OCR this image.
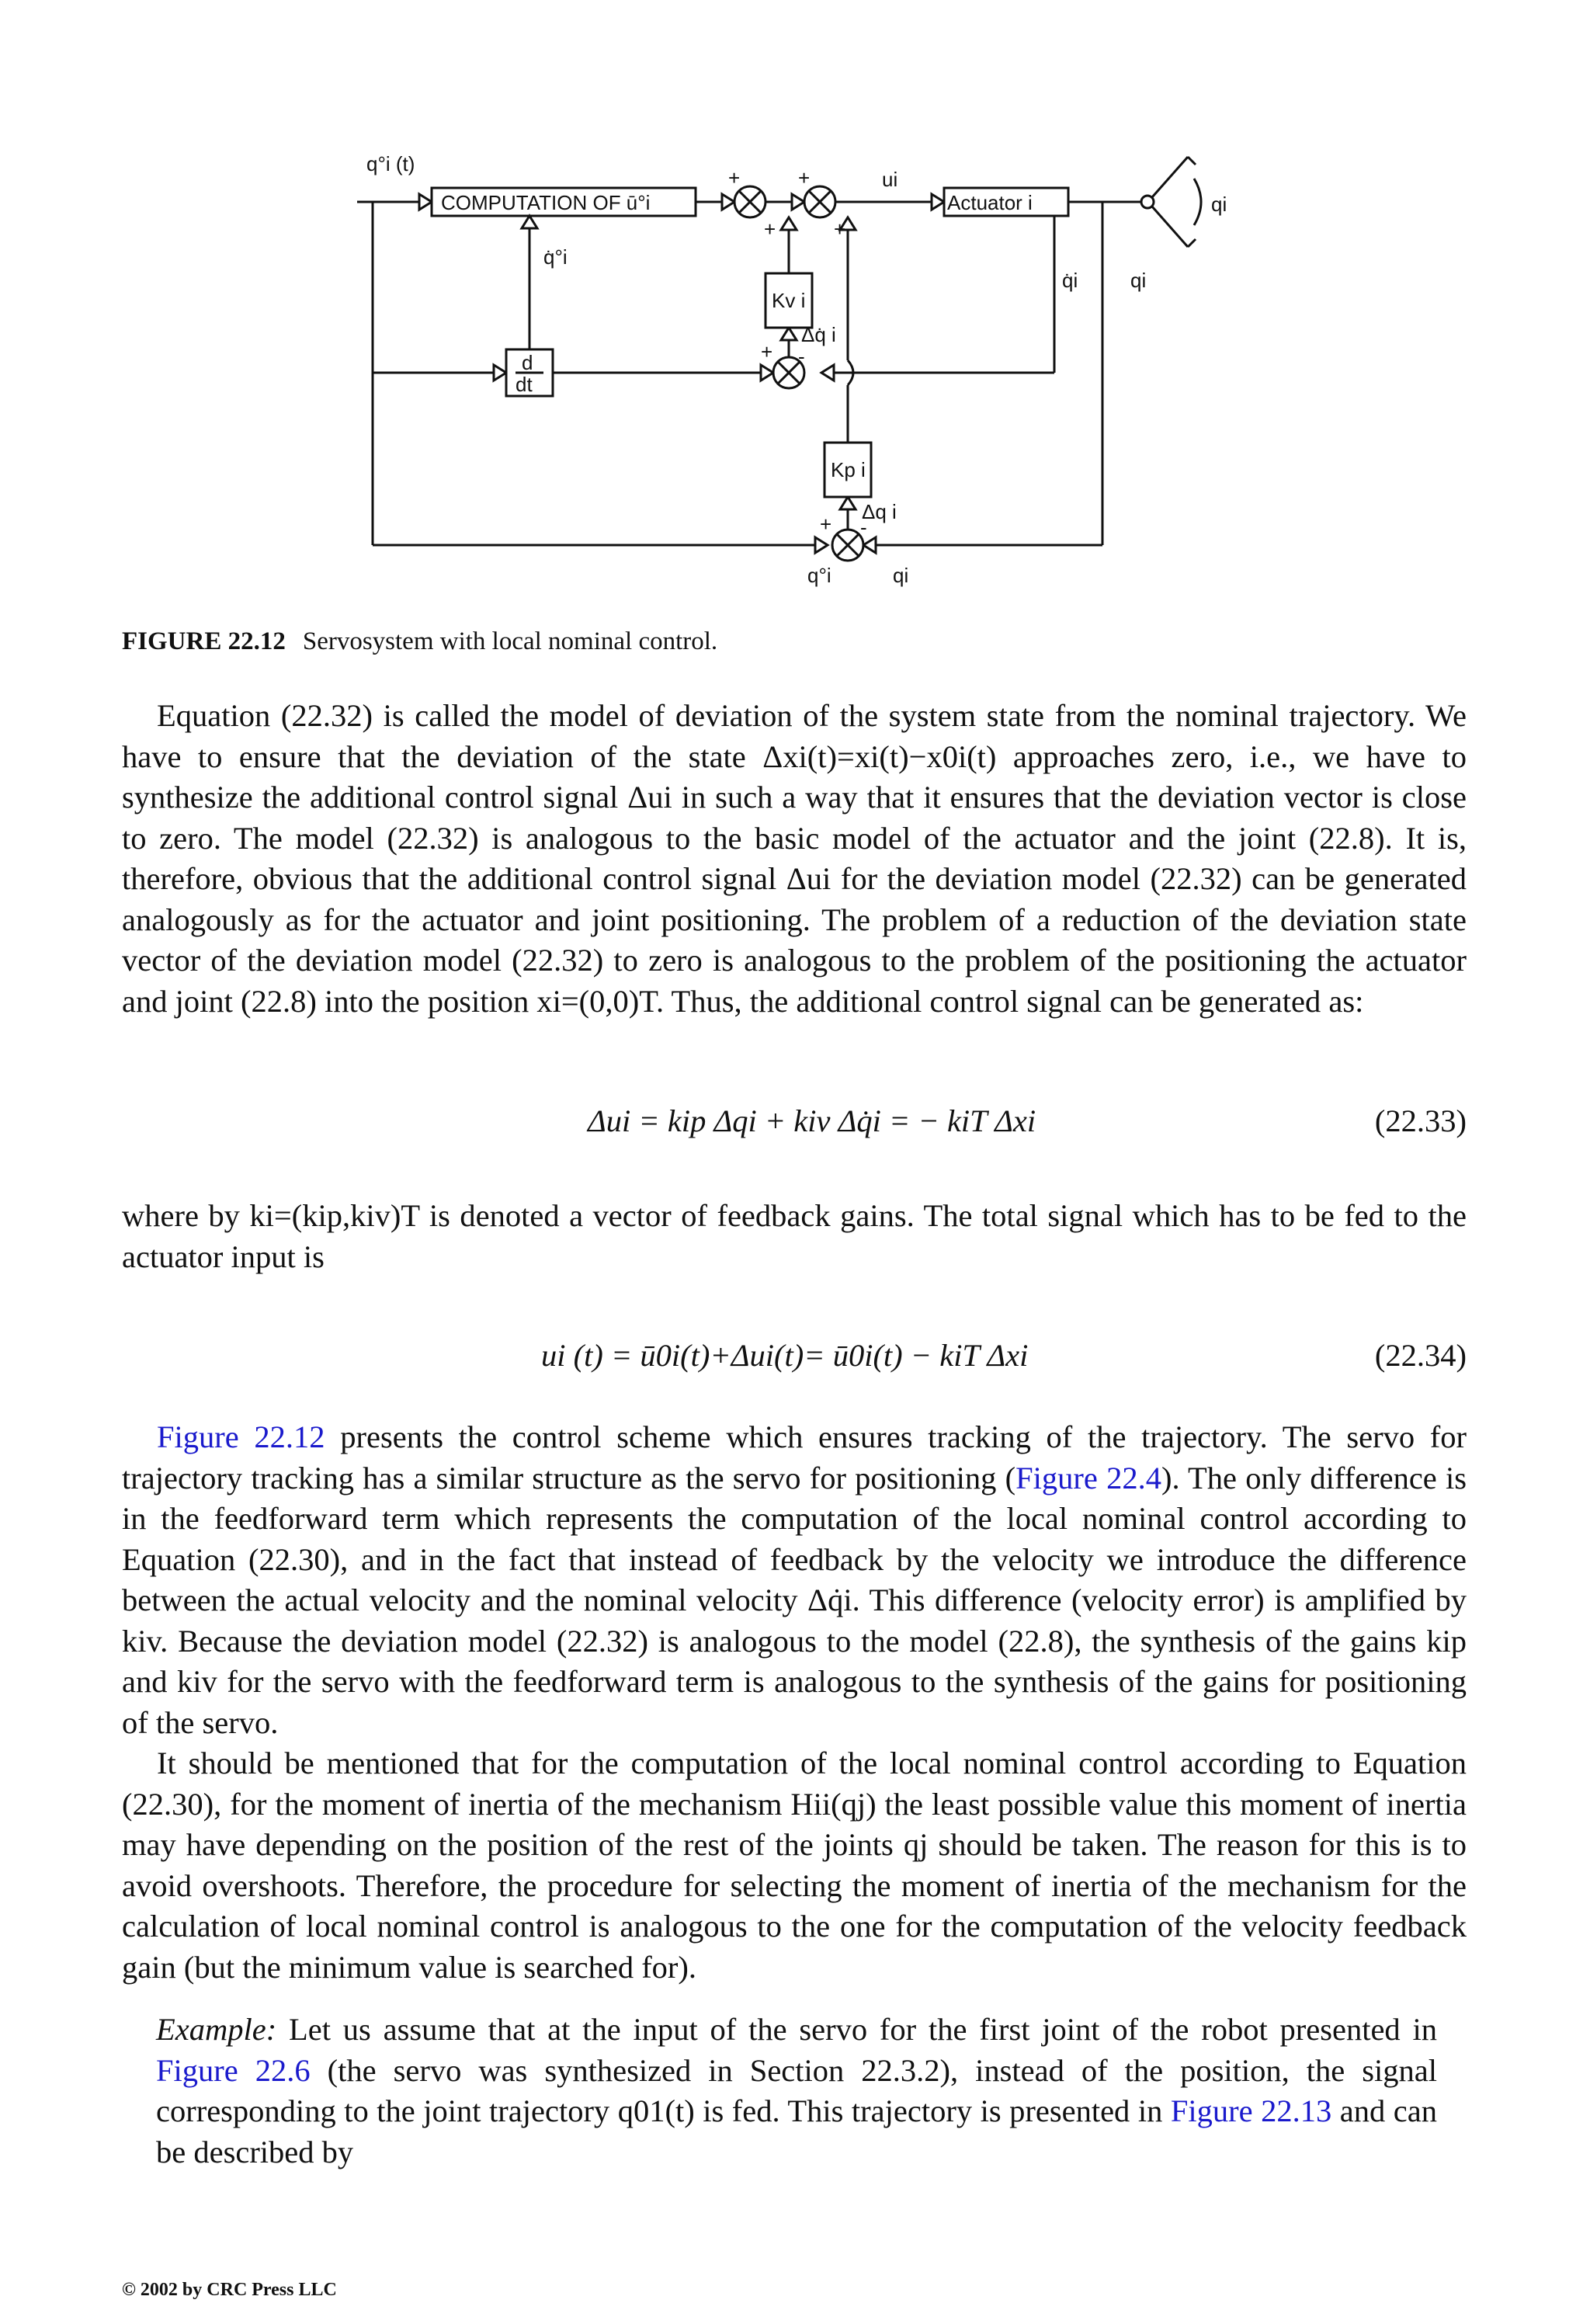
q°i (t)
COMPUTATION OF ū°i	Actuator i
ui
qi
q̇°i
Kv i
Δq̇ i
d
dt
Kp i
Δq i
q̇i	qi
q°i	qi
+	+
+	+
+ -
+ -
FIGURE 22.12 Servosystem with local nominal control.

Equation (22.32) is called the model of deviation of the system state from the nominal trajectory. We have to ensure that the deviation of the state Δxi(t)=xi(t)−x0i(t) approaches zero, i.e., we have to synthesize the additional control signal Δui in such a way that it ensures that the deviation vector is close to zero. The model (22.32) is analogous to the basic model of the actuator and the joint (22.8). It is, therefore, obvious that the additional control signal Δui for the deviation model (22.32) can be generated analogously as for the actuator and joint positioning. The problem of a reduction of the deviation state vector of the deviation model (22.32) to zero is analogous to the problem of the positioning the actuator and joint (22.8) into the position xi=(0,0)T. Thus, the additional control signal can be generated as:

Δui = kip Δqi + kiv Δq̇i = − kiT Δxi	(22.33)

where by ki=(kip,kiv)T is denoted a vector of feedback gains. The total signal which has to be fed to the actuator input is

ui (t) = ū0i(t)+Δui(t)= ū0i(t) − kiT Δxi	(22.34)

Figure 22.12 presents the control scheme which ensures tracking of the trajectory. The servo for trajectory tracking has a similar structure as the servo for positioning (Figure 22.4). The only difference is in the feedforward term which represents the computation of the local nominal control according to Equation (22.30), and in the fact that instead of feedback by the velocity we introduce the difference between the actual velocity and the nominal velocity Δq̇i. This difference (velocity error) is amplified by kiv. Because the deviation model (22.32) is analogous to the model (22.8), the synthesis of the gains kip and kiv for the servo with the feedforward term is analogous to the synthesis of the gains for positioning of the servo.

It should be mentioned that for the computation of the local nominal control according to Equation (22.30), for the moment of inertia of the mechanism Hii(qj) the least possible value this moment of inertia may have depending on the position of the rest of the joints qj should be taken. The reason for this is to avoid overshoots. Therefore, the procedure for selecting the moment of inertia of the mechanism for the calculation of local nominal control is analogous to the one for the computation of the velocity feedback gain (but the minimum value is searched for).

Example: Let us assume that at the input of the servo for the first joint of the robot presented in Figure 22.6 (the servo was synthesized in Section 22.3.2), instead of the position, the signal corresponding to the joint trajectory q01(t) is fed. This trajectory is presented in Figure 22.13 and can be described by

© 2002 by CRC Press LLC
